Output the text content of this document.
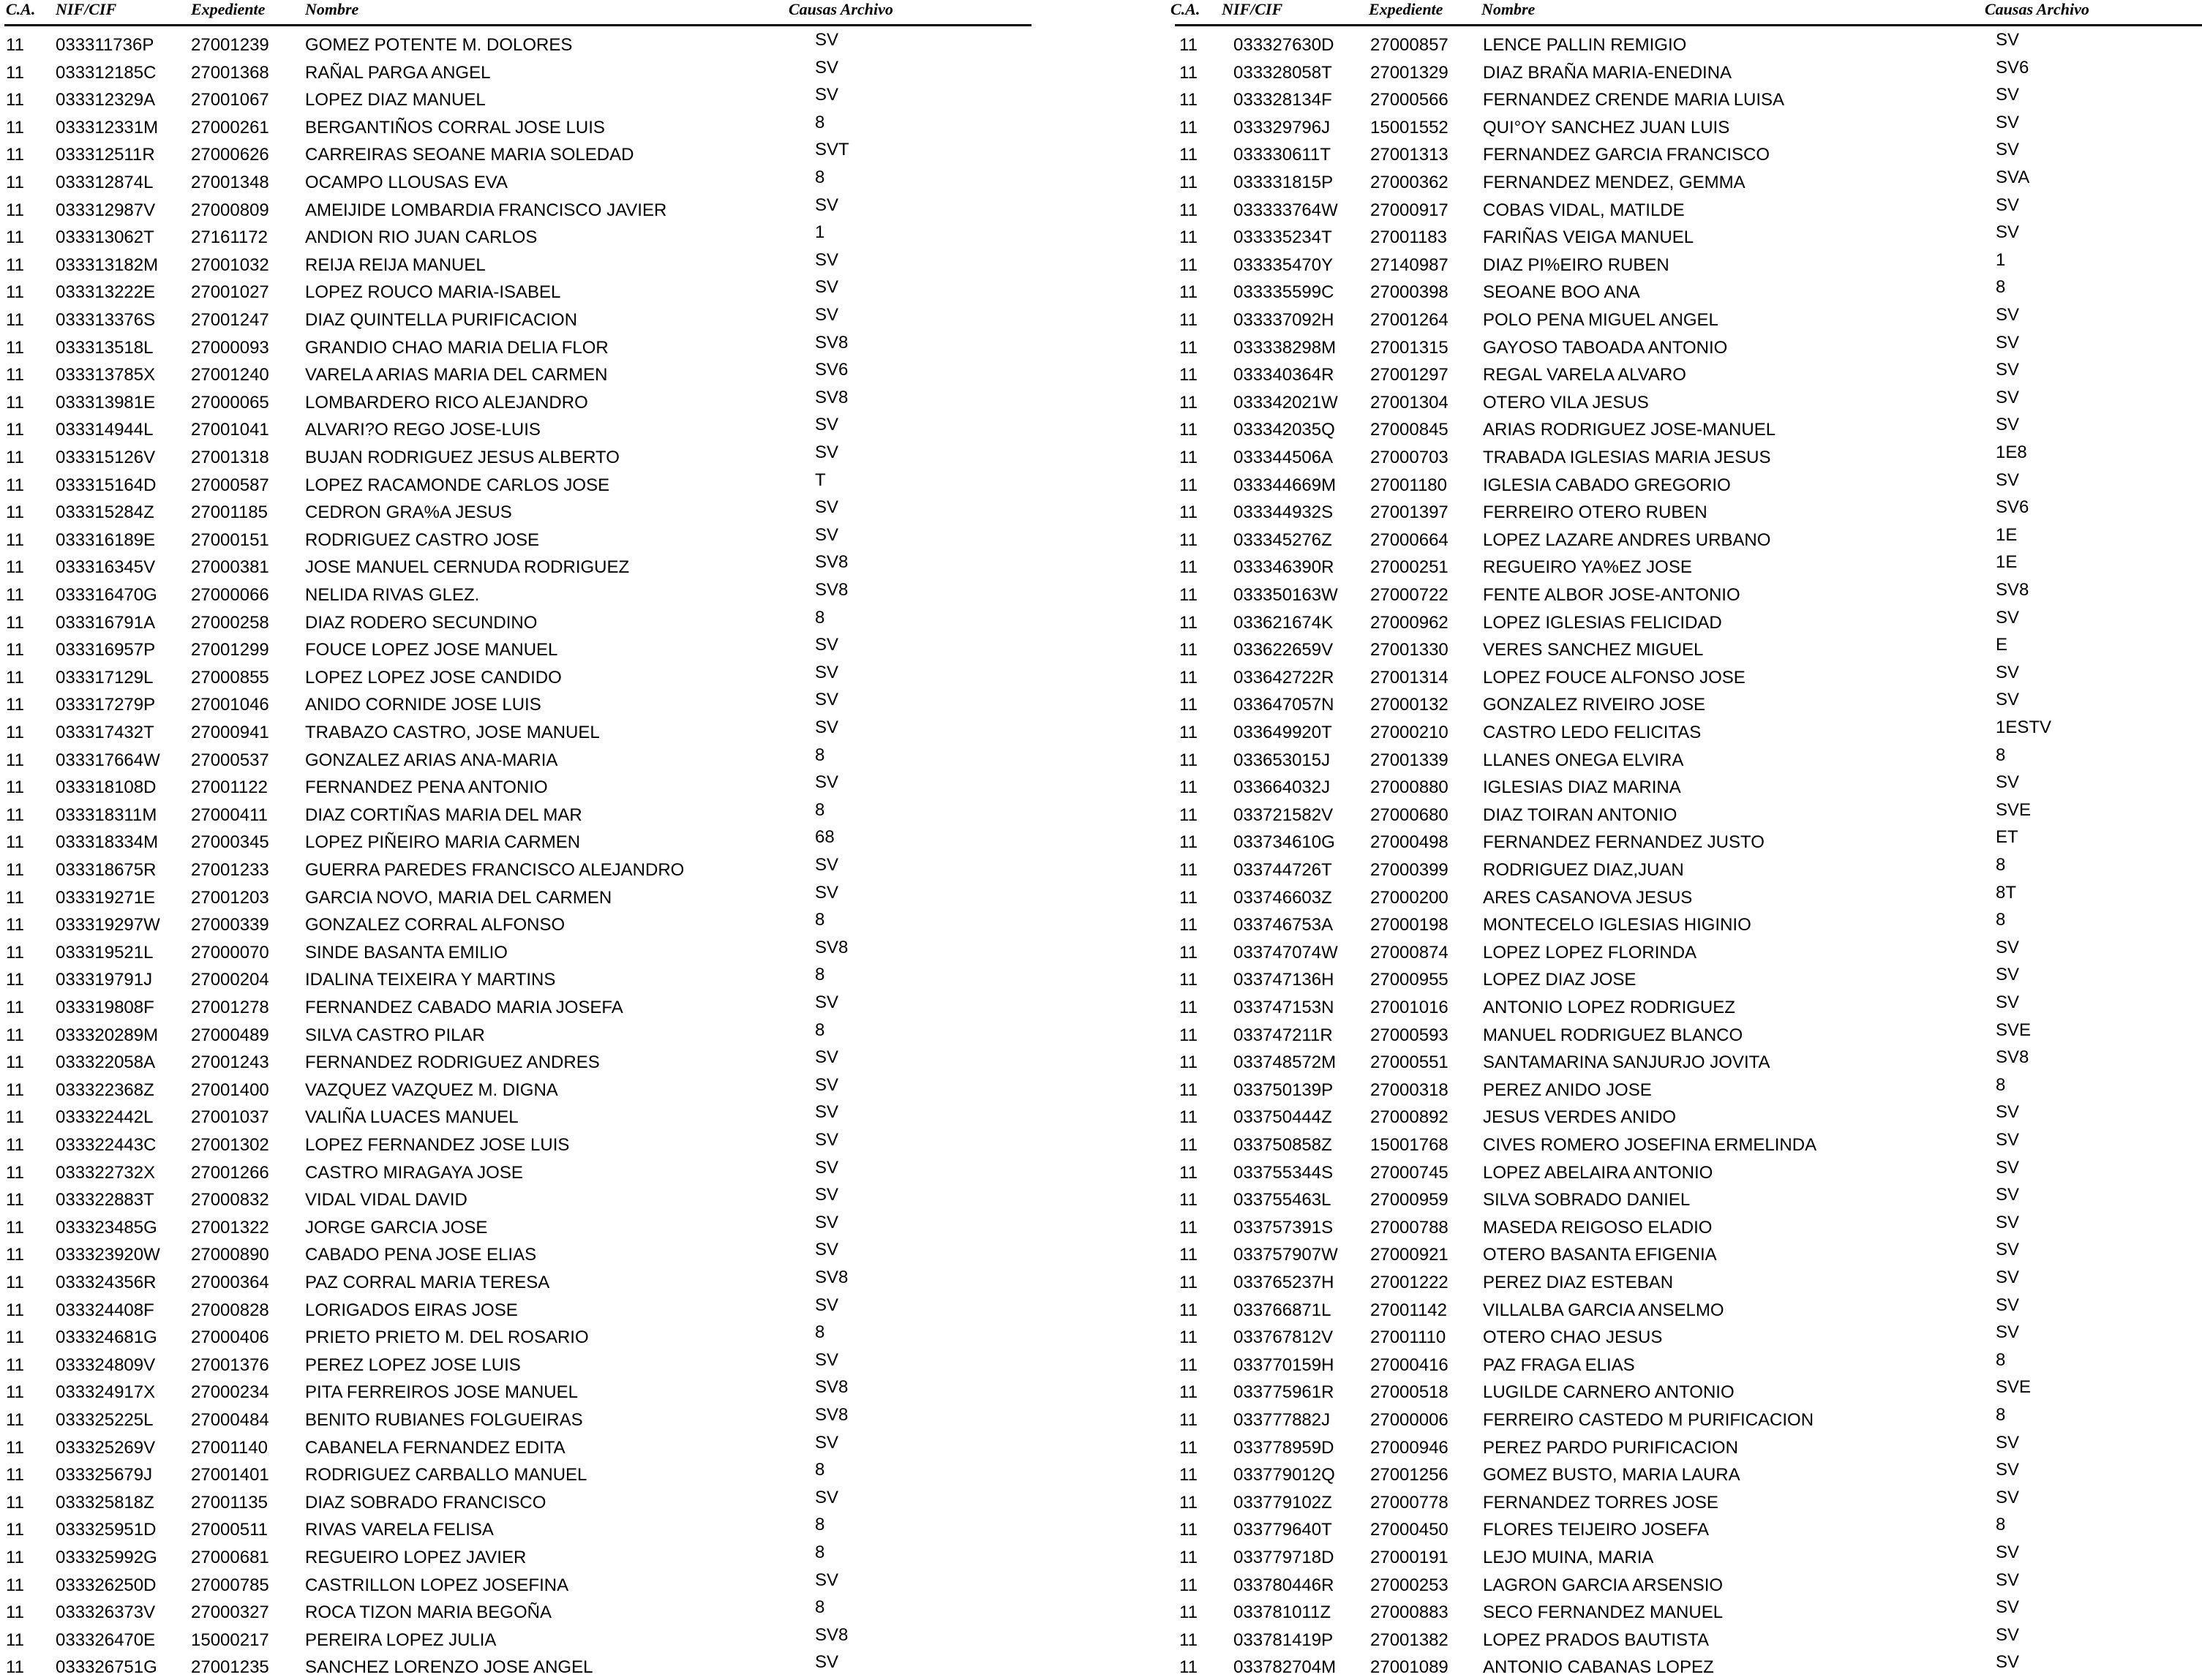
C.A. NIF/CIF	Expediente Nombre	Causas Archivo
11 033311736P 27001239 GOMEZ POTENTE M. DOLORES	SV
11 033312185C 27001368 RAÑAL PARGA ANGEL	SV
11 033312329A 27001067 LOPEZ DIAZ MANUEL	SV
11 033312331M 27000261 BERGANTIÑOS CORRAL JOSE LUIS	8
11 033312511R 27000626 CARREIRAS SEOANE MARIA SOLEDAD	SVT
11 033312874L 27001348 OCAMPO LLOUSAS EVA	8
11 033312987V 27000809 AMEIJIDE LOMBARDIA FRANCISCO JAVIER	SV
11 033313062T 27161172 ANDION RIO JUAN CARLOS	1
11 033313182M 27001032 REIJA REIJA MANUEL	SV
11 033313222E 27001027 LOPEZ ROUCO MARIA-ISABEL	SV
11 033313376S 27001247 DIAZ QUINTELLA PURIFICACION	SV
11 033313518L 27000093 GRANDIO CHAO MARIA DELIA FLOR	SV8
11 033313785X 27001240 VARELA ARIAS MARIA DEL CARMEN	SV6
11 033313981E 27000065 LOMBARDERO RICO ALEJANDRO	SV8
11 033314944L 27001041 ALVARI?O REGO JOSE-LUIS	SV
11 033315126V 27001318 BUJAN RODRIGUEZ JESUS ALBERTO	SV
11 033315164D 27000587 LOPEZ RACAMONDE CARLOS JOSE	T
11 033315284Z 27001185 CEDRON GRA%A JESUS	SV
11 033316189E 27000151 RODRIGUEZ CASTRO JOSE	SV
11 033316345V 27000381 JOSE MANUEL CERNUDA RODRIGUEZ	SV8
11 033316470G 27000066 NELIDA RIVAS GLEZ.	SV8
11 033316791A 27000258 DIAZ RODERO SECUNDINO	8
11 033316957P 27001299 FOUCE LOPEZ JOSE MANUEL	SV
11 033317129L 27000855 LOPEZ LOPEZ JOSE CANDIDO	SV
11 033317279P 27001046 ANIDO CORNIDE JOSE LUIS	SV
11 033317432T 27000941 TRABAZO CASTRO, JOSE MANUEL	SV
11 033317664W 27000537 GONZALEZ ARIAS ANA-MARIA	8
11 033318108D 27001122 FERNANDEZ PENA ANTONIO	SV
11 033318311M 27000411 DIAZ CORTIÑAS MARIA DEL MAR	8
11 033318334M 27000345 LOPEZ PIÑEIRO MARIA CARMEN	68
11 033318675R 27001233 GUERRA PAREDES FRANCISCO ALEJANDRO	SV
11 033319271E 27001203 GARCIA NOVO, MARIA DEL CARMEN	SV
11 033319297W 27000339 GONZALEZ CORRAL ALFONSO	8
11 033319521L 27000070 SINDE BASANTA EMILIO	SV8
11 033319791J 27000204 IDALINA TEIXEIRA Y MARTINS	8
11 033319808F 27001278 FERNANDEZ CABADO MARIA JOSEFA	SV
11 033320289M 27000489 SILVA CASTRO PILAR	8
11 033322058A 27001243 FERNANDEZ RODRIGUEZ ANDRES	SV
11 033322368Z 27001400 VAZQUEZ VAZQUEZ M. DIGNA	SV
11 033322442L 27001037 VALIÑA LUACES MANUEL	SV
11 033322443C 27001302 LOPEZ FERNANDEZ JOSE LUIS	SV
11 033322732X 27001266 CASTRO MIRAGAYA JOSE	SV
11 033322883T 27000832 VIDAL VIDAL DAVID	SV
11 033323485G 27001322 JORGE GARCIA JOSE	SV
11 033323920W 27000890 CABADO PENA JOSE ELIAS	SV
11 033324356R 27000364 PAZ CORRAL MARIA TERESA	SV8
11 033324408F 27000828 LORIGADOS EIRAS JOSE	SV
11 033324681G 27000406 PRIETO PRIETO M. DEL ROSARIO	8
11 033324809V 27001376 PEREZ LOPEZ JOSE LUIS	SV
11 033324917X 27000234 PITA FERREIROS JOSE MANUEL	SV8
11 033325225L 27000484 BENITO RUBIANES FOLGUEIRAS	SV8
11 033325269V 27001140 CABANELA FERNANDEZ EDITA	SV
11 033325679J 27001401 RODRIGUEZ CARBALLO MANUEL	8
11 033325818Z 27001135 DIAZ SOBRADO FRANCISCO	SV
11 033325951D 27000511 RIVAS VARELA FELISA	8
11 033325992G 27000681 REGUEIRO LOPEZ JAVIER	8
11 033326250D 27000785 CASTRILLON LOPEZ JOSEFINA	SV
11 033326373V 27000327 ROCA TIZON MARIA BEGOÑA	8
11 033326470E 15000217 PEREIRA LOPEZ JULIA	SV8
11 033326751G 27001235 SANCHEZ LORENZO JOSE ANGEL	SV
C.A. NIF/CIF	Expediente Nombre	Causas Archivo
11 033327630D 27000857 LENCE PALLIN REMIGIO	SV
11 033328058T 27001329 DIAZ BRAÑA MARIA-ENEDINA	SV6
11 033328134F 27000566 FERNANDEZ CRENDE MARIA LUISA	SV
11 033329796J 15001552 QUI°OY SANCHEZ JUAN LUIS	SV
11 033330611T 27001313 FERNANDEZ GARCIA FRANCISCO	SV
11 033331815P 27000362 FERNANDEZ MENDEZ, GEMMA	SVA
11 033333764W 27000917 COBAS VIDAL, MATILDE	SV
11 033335234T 27001183 FARIÑAS VEIGA MANUEL	SV
11 033335470Y 27140987 DIAZ PI%EIRO RUBEN	1
11 033335599C 27000398 SEOANE BOO ANA	8
11 033337092H 27001264 POLO PENA MIGUEL ANGEL	SV
11 033338298M 27001315 GAYOSO TABOADA ANTONIO	SV
11 033340364R 27001297 REGAL VARELA ALVARO	SV
11 033342021W 27001304 OTERO VILA JESUS	SV
11 033342035Q 27000845 ARIAS RODRIGUEZ JOSE-MANUEL	SV
11 033344506A 27000703 TRABADA IGLESIAS MARIA JESUS	1E8
11 033344669M 27001180 IGLESIA CABADO GREGORIO	SV
11 033344932S 27001397 FERREIRO OTERO RUBEN	SV6
11 033345276Z 27000664 LOPEZ LAZARE ANDRES URBANO	1E
11 033346390R 27000251 REGUEIRO YA%EZ JOSE	1E
11 033350163W 27000722 FENTE ALBOR JOSE-ANTONIO	SV8
11 033621674K 27000962 LOPEZ IGLESIAS FELICIDAD	SV
11 033622659V 27001330 VERES SANCHEZ MIGUEL	E
11 033642722R 27001314 LOPEZ FOUCE ALFONSO JOSE	SV
11 033647057N 27000132 GONZALEZ RIVEIRO JOSE	SV
11 033649920T 27000210 CASTRO LEDO FELICITAS	1ESTV
11 033653015J 27001339 LLANES ONEGA ELVIRA	8
11 033664032J 27000880 IGLESIAS DIAZ MARINA	SV
11 033721582V 27000680 DIAZ TOIRAN ANTONIO	SVE
11 033734610G 27000498 FERNANDEZ FERNANDEZ JUSTO	ET
11 033744726T 27000399 RODRIGUEZ DIAZ,JUAN	8
11 033746603Z 27000200 ARES CASANOVA JESUS	8T
11 033746753A 27000198 MONTECELO IGLESIAS HIGINIO	8
11 033747074W 27000874 LOPEZ LOPEZ FLORINDA	SV
11 033747136H 27000955 LOPEZ DIAZ JOSE	SV
11 033747153N 27001016 ANTONIO LOPEZ RODRIGUEZ	SV
11 033747211R 27000593 MANUEL RODRIGUEZ BLANCO	SVE
11 033748572M 27000551 SANTAMARINA SANJURJO JOVITA	SV8
11 033750139P 27000318 PEREZ ANIDO JOSE	8
11 033750444Z 27000892 JESUS VERDES ANIDO	SV
11 033750858Z 15001768 CIVES ROMERO JOSEFINA ERMELINDA	SV
11 033755344S 27000745 LOPEZ ABELAIRA ANTONIO	SV
11 033755463L 27000959 SILVA SOBRADO DANIEL	SV
11 033757391S 27000788 MASEDA REIGOSO ELADIO	SV
11 033757907W 27000921 OTERO BASANTA EFIGENIA	SV
11 033765237H 27001222 PEREZ DIAZ ESTEBAN	SV
11 033766871L 27001142 VILLALBA GARCIA ANSELMO	SV
11 033767812V 27001110 OTERO CHAO JESUS	SV
11 033770159H 27000416 PAZ FRAGA ELIAS	8
11 033775961R 27000518 LUGILDE CARNERO ANTONIO	SVE
11 033777882J 27000006 FERREIRO CASTEDO M PURIFICACION	8
11 033778959D 27000946 PEREZ PARDO PURIFICACION	SV
11 033779012Q 27001256 GOMEZ BUSTO, MARIA LAURA	SV
11 033779102Z 27000778 FERNANDEZ TORRES JOSE	SV
11 033779640T 27000450 FLORES TEIJEIRO JOSEFA	8
11 033779718D 27000191 LEJO MUINA, MARIA	SV
11 033780446R 27000253 LAGRON GARCIA ARSENSIO	SV
11 033781011Z 27000883 SECO FERNANDEZ MANUEL	SV
11 033781419P 27001382 LOPEZ PRADOS BAUTISTA	SV
11 033782704M 27001089 ANTONIO CABANAS LOPEZ	SV
